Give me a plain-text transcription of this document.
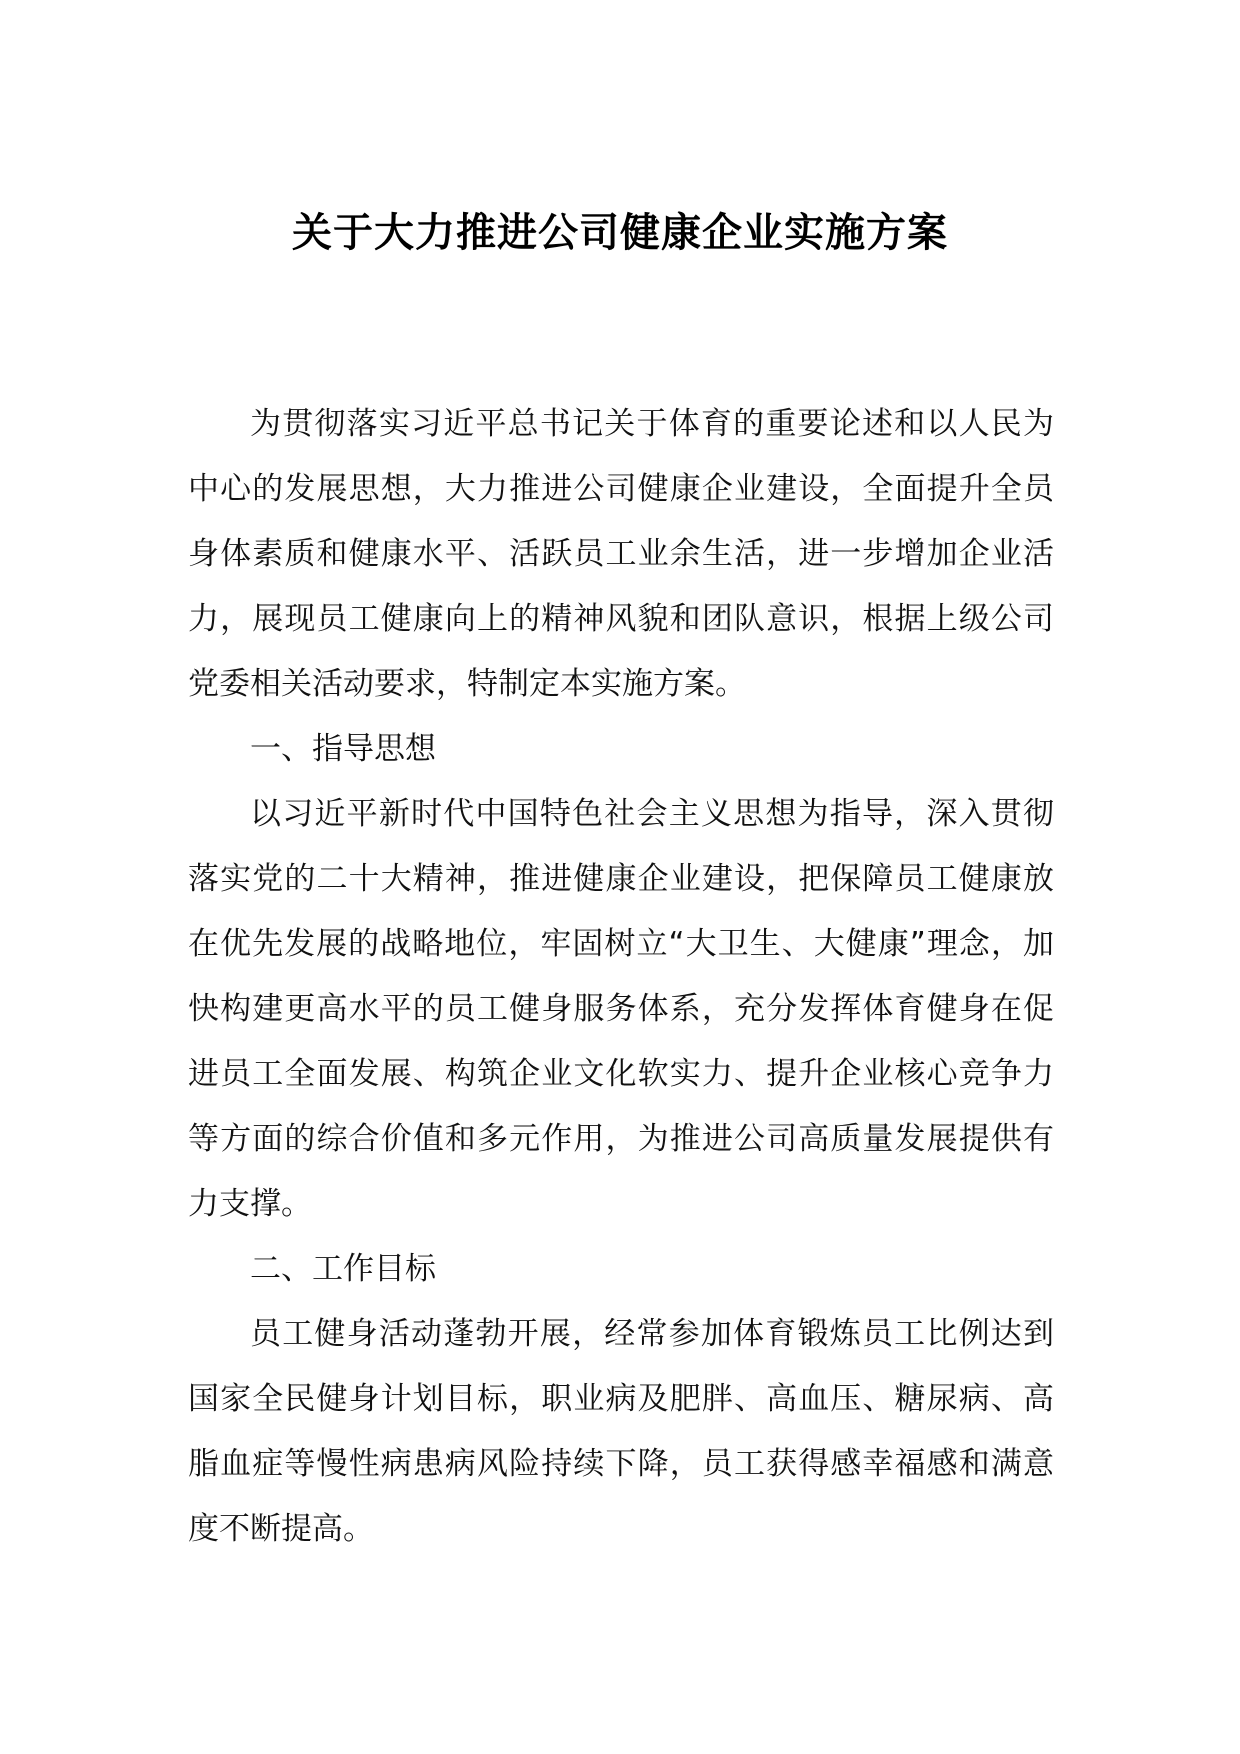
关于大力推进公司健康企业实施方案

为贯彻落实习近平总书记关于体育的重要论述和以人民为中心的发展思想，大力推进公司健康企业建设，全面提升全员身体素质和健康水平、活跃员工业余生活，进一步增加企业活力，展现员工健康向上的精神风貌和团队意识，根据上级公司党委相关活动要求，特制定本实施方案。

一、指导思想

以习近平新时代中国特色社会主义思想为指导，深入贯彻落实党的二十大精神，推进健康企业建设，把保障员工健康放在优先发展的战略地位，牢固树立“大卫生、大健康”理念，加快构建更高水平的员工健身服务体系，充分发挥体育健身在促进员工全面发展、构筑企业文化软实力、提升企业核心竞争力等方面的综合价值和多元作用，为推进公司高质量发展提供有力支撑。

二、工作目标

员工健身活动蓬勃开展，经常参加体育锻炼员工比例达到国家全民健身计划目标，职业病及肥胖、高血压、糖尿病、高脂血症等慢性病患病风险持续下降，员工获得感幸福感和满意度不断提高。
